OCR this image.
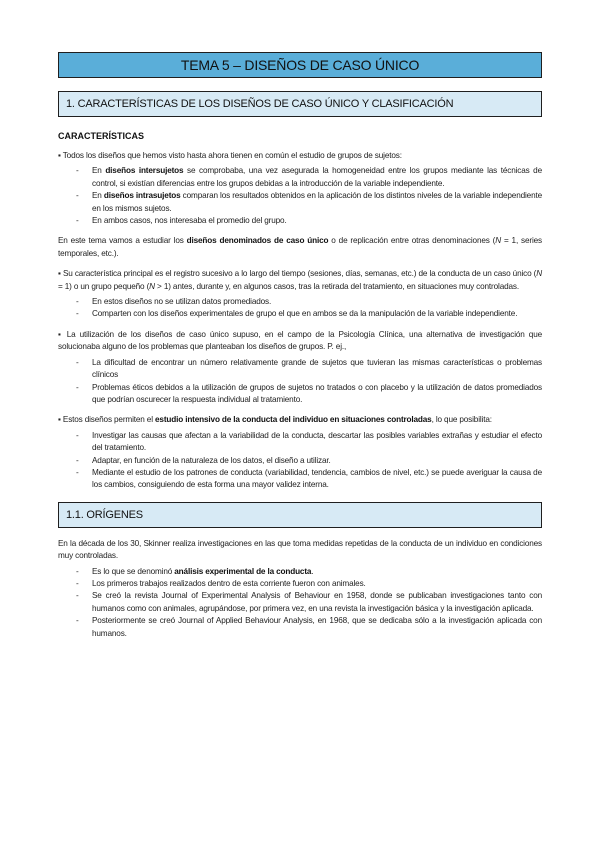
TEMA 5 – DISEÑOS DE CASO ÚNICO
1. CARACTERÍSTICAS DE LOS DISEÑOS DE CASO ÚNICO Y CLASIFICACIÓN
CARACTERÍSTICAS

▪ Todos los diseños que hemos visto hasta ahora tienen en común el estudio de grupos de sujetos:

- En diseños intersujetos se comprobaba, una vez asegurada la homogeneidad entre los grupos mediante las técnicas de control, si existían diferencias entre los grupos debidas a la introducción de la variable independiente.
- En diseños intrasujetos comparan los resultados obtenidos en la aplicación de los distintos niveles de la variable independiente en los mismos sujetos.
- En ambos casos, nos interesaba el promedio del grupo.

En este tema vamos a estudiar los diseños denominados de caso único o de replicación entre otras denominaciones (N = 1, series temporales, etc.).

▪ Su característica principal es el registro sucesivo a lo largo del tiempo (sesiones, días, semanas, etc.) de la conducta de un caso único (N = 1) o un grupo pequeño (N > 1) antes, durante y, en algunos casos, tras la retirada del tratamiento, en situaciones muy controladas.

- En estos diseños no se utilizan datos promediados.
- Comparten con los diseños experimentales de grupo el que en ambos se da la manipulación de la variable independiente.

▪ La utilización de los diseños de caso único supuso, en el campo de la Psicología Clínica, una alternativa de investigación que solucionaba alguno de los problemas que planteaban los diseños de grupos. P. ej.,

- La dificultad de encontrar un número relativamente grande de sujetos que tuvieran las mismas características o problemas clínicos
- Problemas éticos debidos a la utilización de grupos de sujetos no tratados o con placebo y la utilización de datos promediados que podrían oscurecer la respuesta individual al tratamiento.

▪ Estos diseños permiten el estudio intensivo de la conducta del individuo en situaciones controladas, lo que posibilita:

- Investigar las causas que afectan a la variabilidad de la conducta, descartar las posibles variables extrañas y estudiar el efecto del tratamiento.
- Adaptar, en función de la naturaleza de los datos, el diseño a utilizar.
- Mediante el estudio de los patrones de conducta (variabilidad, tendencia, cambios de nivel, etc.) se puede averiguar la causa de los cambios, consiguiendo de esta forma una mayor validez interna.
1.1. ORÍGENES

En la década de los 30, Skinner realiza investigaciones en las que toma medidas repetidas de la conducta de un individuo en condiciones muy controladas.

- Es lo que se denominó análisis experimental de la conducta.
- Los primeros trabajos realizados dentro de esta corriente fueron con animales.
- Se creó la revista Journal of Experimental Analysis of Behaviour en 1958, donde se publicaban investigaciones tanto con humanos como con animales, agrupándose, por primera vez, en una revista la investigación básica y la investigación aplicada.
- Posteriormente se creó Journal of Applied Behaviour Analysis, en 1968, que se dedicaba sólo a la investigación aplicada con humanos.
